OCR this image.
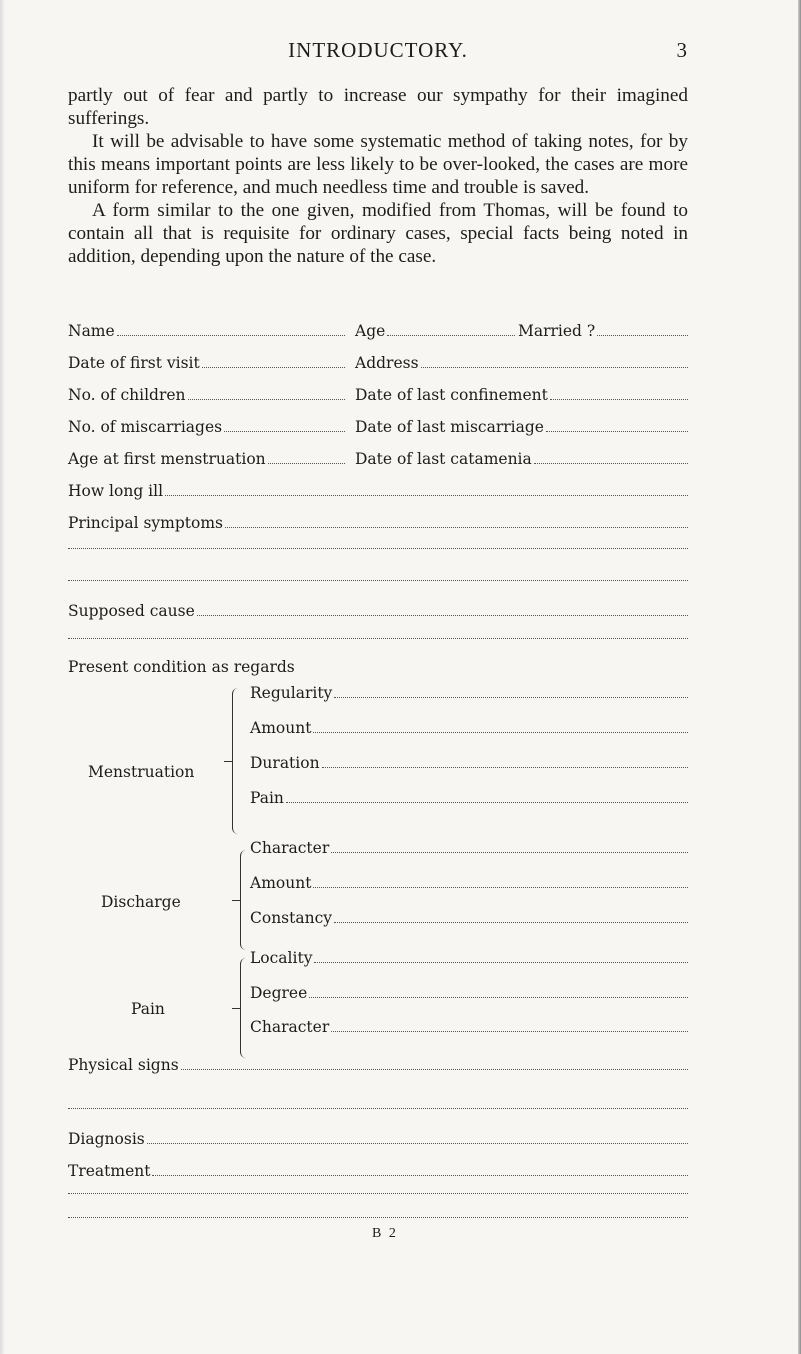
INTRODUCTORY.	3

partly out of fear and partly to increase our sympathy for their imagined sufferings.

It will be advisable to have some systematic method of taking notes, for by this means important points are less likely to be over-looked, the cases are more uniform for reference, and much needless time and trouble is saved.

A form similar to the one given, modified from Thomas, will be found to contain all that is requisite for ordinary cases, special facts being noted in addition, depending upon the nature of the case.

Name	Age	Married ?
Date of first visit	Address
No. of children	Date of last confinement
No. of miscarriages	Date of last miscarriage
Age at first menstruation	Date of last catamenia
How long ill
Principal symptoms
Supposed cause
Present condition as regards
Menstruation
Regularity
Amount
Duration
Pain
Discharge
Character
Amount
Constancy
Pain
Locality
Degree
Character
Physical signs
Diagnosis
Treatment
B 2
